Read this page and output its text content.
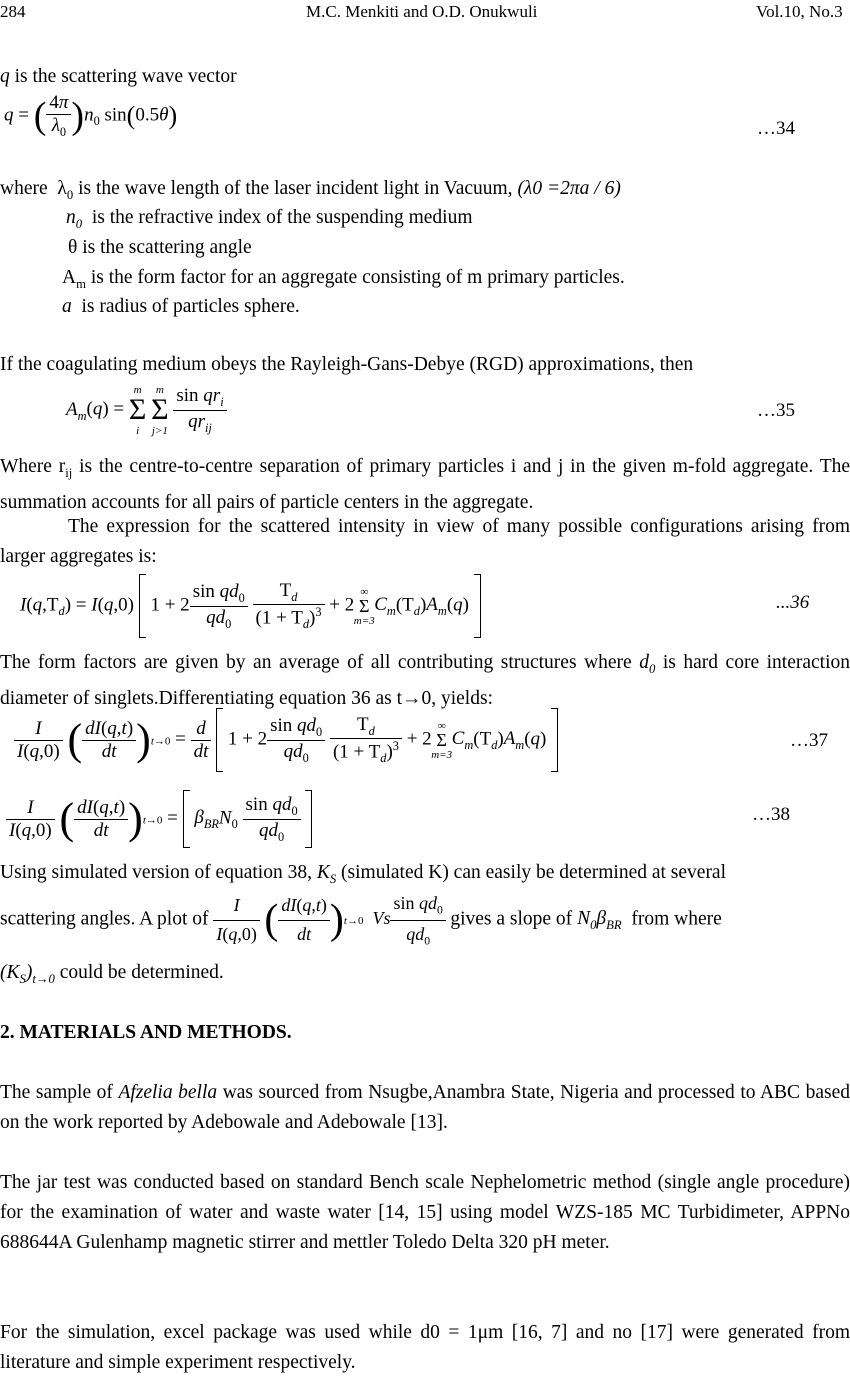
284	M.C. Menkiti and O.D. Onukwuli	Vol.10, No.3
q is the scattering wave vector
q = ( $\frac{4\pi}{\lambda_0} )n_0$ sin(0.5θ)	…34
where  $\lambda_0$ is the wave length of the laser incident light in Vacuum, (λ0 =2πa / 6)
$n_0$ is the refractive index of the suspending medium
θ is the scattering angle
$A_m$ is the form factor for an aggregate consisting of m primary particles.
a is radius of particles sphere.
If the coagulating medium obeys the Rayleigh-Gans-Debye (RGD) approximations, then
$A_m(q) = \Sigma$
m
i
Σ
m
j>1
$\frac{\sin qr_i}{qr_{ij}}$	…35
Where $r_{ij}$ is the centre-to-centre separation of primary particles i and j in the given m-fold aggregate. The summation accounts for all pairs of particle centers in the aggregate.
The expression for the scattered intensity in view of many possible configurations arising from larger aggregates is:
$I(q,T_d) = I(q,0) 1 + 2 \frac{\sin qd_0}{qd_0}$
$\frac{T_d}{(1 + T_d)^3} + 2$ Σ
∞
m=3
$C_m(T_d)A_m(q)$	...36
The form factors are given by an average of all contributing structures where $d_0$ is hard core interaction diameter of singlets.Differentiating equation 36 as t→0, yields:
$\frac{I}{I(q,0)}$ ( $\frac{dI(q,t)}{dt} )t\to 0 = \frac{d}{dt} 1 + 2 \frac{\sin qd_0}{qd_0}$
$\frac{T_d}{(1 + T_d)^3} + 2$ Σ
∞
m=3
$C_m(T_d)A_m(q)$	…37
$\frac{I}{I(q,0)}$ ( $\frac{dI(q,t)}{dt} )t\to 0 = \beta_{BR}N_0 \frac{\sin qd_0}{qd_0}$
	…38
Using simulated version of equation 38, $K_S$ (simulated K) can easily be determined at several
scattering angles. A plot of $\frac{I}{I(q,0)}$ ( $\frac{dI(q,t)}{dt} )t\to 0$ Vs $\frac{\sin qd_0}{qd_0}$ gives a slope of $N_0\beta_{BR}$ from where
$(K_S)_{t\to 0}$ could be determined.
2. MATERIALS AND METHODS.
The sample of Afzelia bella was sourced from Nsugbe,Anambra State, Nigeria and processed to ABC based on the work reported by Adebowale and Adebowale [13].
The jar test was conducted based on standard Bench scale Nephelometric method (single angle procedure) for the examination of water and waste water [14, 15] using model WZS-185 MC Turbidimeter, APPNo 688644A Gulenhamp magnetic stirrer and mettler Toledo Delta 320 pH meter.
For the simulation, excel package was used while d0 = 1μm [16, 7] and no [17] were generated from literature and simple experiment respectively.
